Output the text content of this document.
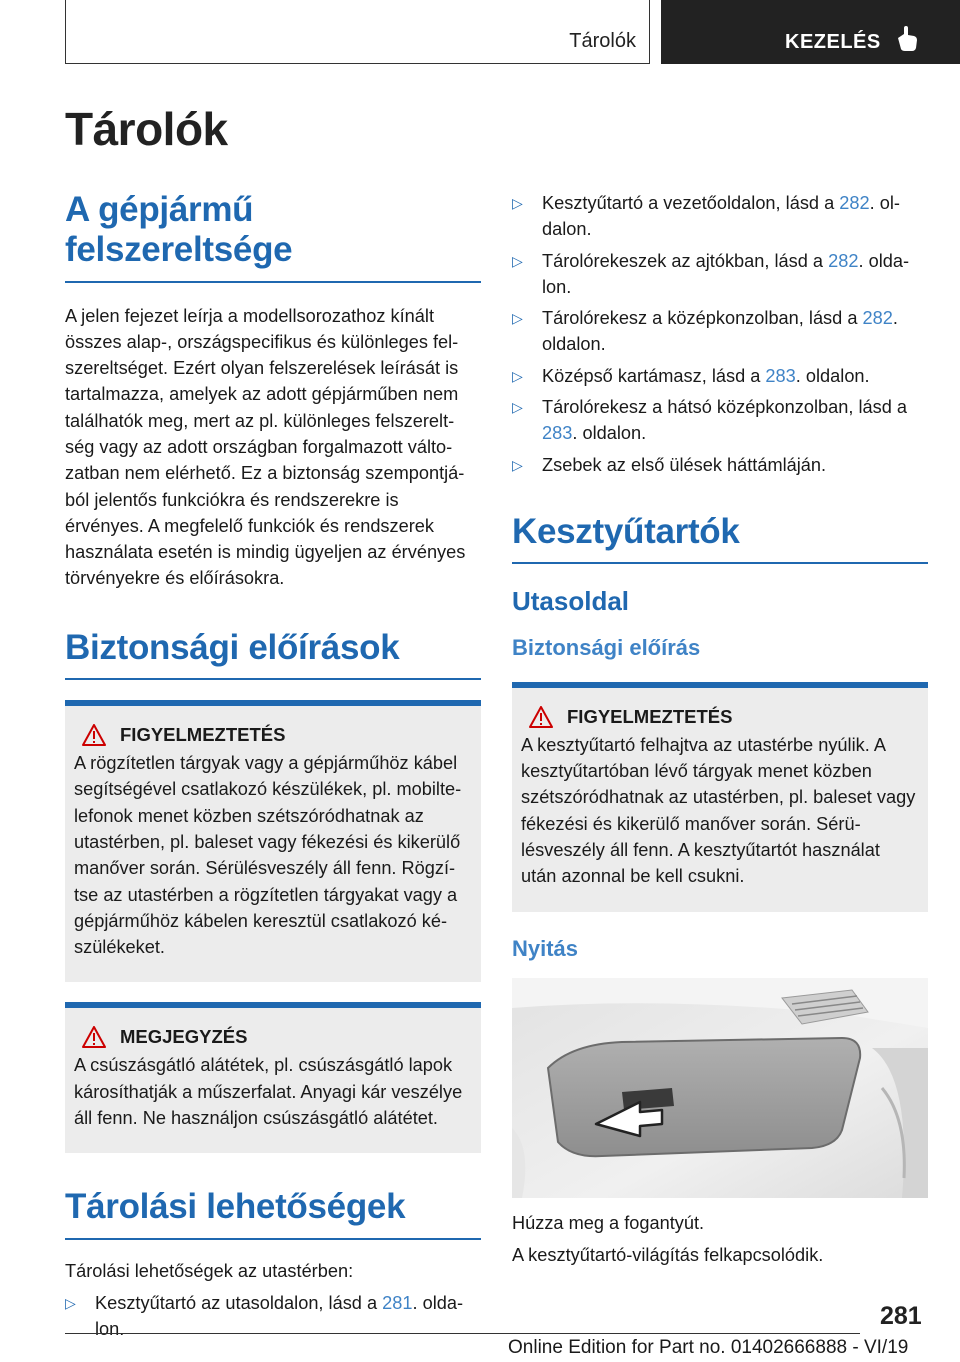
Tárolók	KEZELÉS
Tárolók
A gépjármű felszereltsége

A jelen fejezet leírja a modellsorozathoz kínált összes alap-, országspecifikus és különleges fel-szereltséget. Ezért olyan felszerelések leírását is tartalmazza, amelyek az adott gépjárműben nem találhatók meg, mert az pl. különleges felszerelt-ség vagy az adott országban forgalmazott válto-zatban nem elérhető. Ez a biztonság szempontjá-ból jelentős funkciókra és rendszerekre is érvényes. A megfelelő funkciók és rendszerek használata esetén is mindig ügyeljen az érvényes törvényekre és előírásokra.

Biztonsági előírások
FIGYELMEZTETÉS

A rögzítetlen tárgyak vagy a gépjárműhöz kábel segítségével csatlakozó készülékek, pl. mobilte-lefonok menet közben szétszóródhatnak az utastérben, pl. baleset vagy fékezési és kikerülő manőver során. Sérülésveszély áll fenn. Rögzí-tse az utastérben a rögzítetlen tárgyakat vagy a gépjárműhöz kábelen keresztül csatlakozó ké-szülékeket.

MEGJEGYZÉS

A csúszásgátló alátétek, pl. csúszásgátló lapok károsíthatják a műszerfalat. Anyagi kár veszélye áll fenn. Ne használjon csúszásgátló alátétet.

Tárolási lehetőségek

Tárolási lehetőségek az utastérben:

▷ Kesztyűtartó az utasoldalon, lásd a 281. olda-lon.
▷ Kesztyűtartó a vezetőoldalon, lásd a 282. ol-dalon.
▷ Tárolórekeszek az ajtókban, lásd a 282. olda-lon.
▷ Tárolórekesz a középkonzolban, lásd a 282. oldalon.
▷ Középső kartámasz, lásd a 283. oldalon.
▷ Tárolórekesz a hátsó középkonzolban, lásd a 283. oldalon.
▷ Zsebek az első ülések háttámláján.
Kesztyűtartók
Utasoldal
Biztonsági előírás
FIGYELMEZTETÉS

A kesztyűtartó felhajtva az utastérbe nyúlik. A kesztyűtartóban lévő tárgyak menet közben szétszóródhatnak az utastérben, pl. baleset vagy fékezési és kikerülő manőver során. Sérü-lésveszély áll fenn. A kesztyűtartót használat után azonnal be kell csukni.

Nyitás

Húzza meg a fogantyút.

A kesztyűtartó-világítás felkapcsolódik.

281
Online Edition for Part no. 01402666888 - VI/19
